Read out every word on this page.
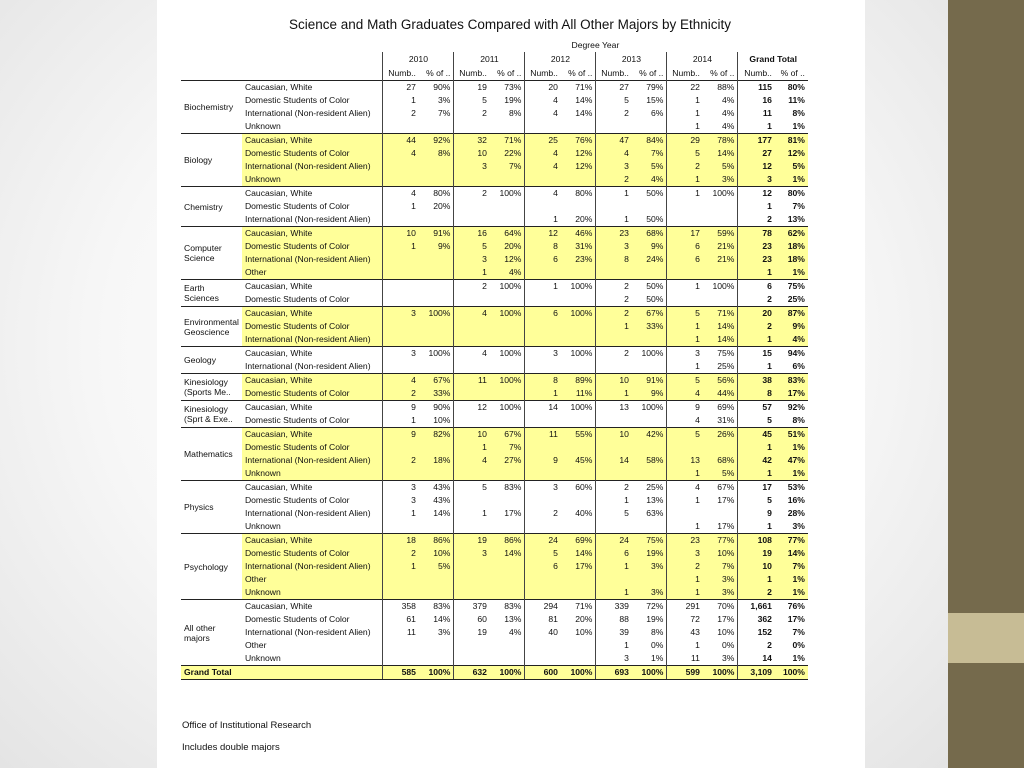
Science and Math Graduates Compared with All Other Majors by Ethnicity
		Degree Year											
		2010		2011		2012		2013		2014		Grand Total	
		Numb..	% of ..	Numb..	% of ..	Numb..	% of ..	Numb..	% of ..	Numb..	% of ..	Numb..	% of ..
Biochemistry	Caucasian, White	27	90%	19	73%	20	71%	27	79%	22	88%	115	80%
	Domestic Students of Color	1	3%	5	19%	4	14%	5	15%	1	4%	16	11%
	International (Non-resident Alien)	2	7%	2	8%	4	14%	2	6%	1	4%	11	8%
	Unknown									1	4%	1	1%
Biology	Caucasian, White	44	92%	32	71%	25	76%	47	84%	29	78%	177	81%
	Domestic Students of Color	4	8%	10	22%	4	12%	4	7%	5	14%	27	12%
	International (Non-resident Alien)			3	7%	4	12%	3	5%	2	5%	12	5%
	Unknown							2	4%	1	3%	3	1%
Chemistry	Caucasian, White	4	80%	2	100%	4	80%	1	50%	1	100%	12	80%
	Domestic Students of Color	1	20%									1	7%
	International (Non-resident Alien)					1	20%	1	50%			2	13%
Computer Science	Caucasian, White	10	91%	16	64%	12	46%	23	68%	17	59%	78	62%
	Domestic Students of Color	1	9%	5	20%	8	31%	3	9%	6	21%	23	18%
	International (Non-resident Alien)			3	12%	6	23%	8	24%	6	21%	23	18%
	Other			1	4%							1	1%
Earth Sciences	Caucasian, White			2	100%	1	100%	2	50%	1	100%	6	75%
	Domestic Students of Color							2	50%			2	25%
Environmental Geoscience	Caucasian, White	3	100%	4	100%	6	100%	2	67%	5	71%	20	87%
	Domestic Students of Color							1	33%	1	14%	2	9%
	International (Non-resident Alien)									1	14%	1	4%
Geology	Caucasian, White	3	100%	4	100%	3	100%	2	100%	3	75%	15	94%
	International (Non-resident Alien)									1	25%	1	6%
Kinesiology (Sports Me..	Caucasian, White	4	67%	11	100%	8	89%	10	91%	5	56%	38	83%
	Domestic Students of Color	2	33%			1	11%	1	9%	4	44%	8	17%
Kinesiology (Sprt & Exe..	Caucasian, White	9	90%	12	100%	14	100%	13	100%	9	69%	57	92%
	Domestic Students of Color	1	10%							4	31%	5	8%
Mathematics	Caucasian, White	9	82%	10	67%	11	55%	10	42%	5	26%	45	51%
	Domestic Students of Color			1	7%							1	1%
	International (Non-resident Alien)	2	18%	4	27%	9	45%	14	58%	13	68%	42	47%
	Unknown									1	5%	1	1%
Physics	Caucasian, White	3	43%	5	83%	3	60%	2	25%	4	67%	17	53%
	Domestic Students of Color	3	43%					1	13%	1	17%	5	16%
	International (Non-resident Alien)	1	14%	1	17%	2	40%	5	63%			9	28%
	Unknown									1	17%	1	3%
Psychology	Caucasian, White	18	86%	19	86%	24	69%	24	75%	23	77%	108	77%
	Domestic Students of Color	2	10%	3	14%	5	14%	6	19%	3	10%	19	14%
	International (Non-resident Alien)	1	5%			6	17%	1	3%	2	7%	10	7%
	Other									1	3%	1	1%
	Unknown							1	3%	1	3%	2	1%
All other majors	Caucasian, White	358	83%	379	83%	294	71%	339	72%	291	70%	1,661	76%
	Domestic Students of Color	61	14%	60	13%	81	20%	88	19%	72	17%	362	17%
	International (Non-resident Alien)	11	3%	19	4%	40	10%	39	8%	43	10%	152	7%
	Other							1	0%	1	0%	2	0%
	Unknown							3	1%	11	3%	14	1%
Grand Total		585	100%	632	100%	600	100%	693	100%	599	100%	3,109	100%
Office of Institutional Research
Includes double majors
